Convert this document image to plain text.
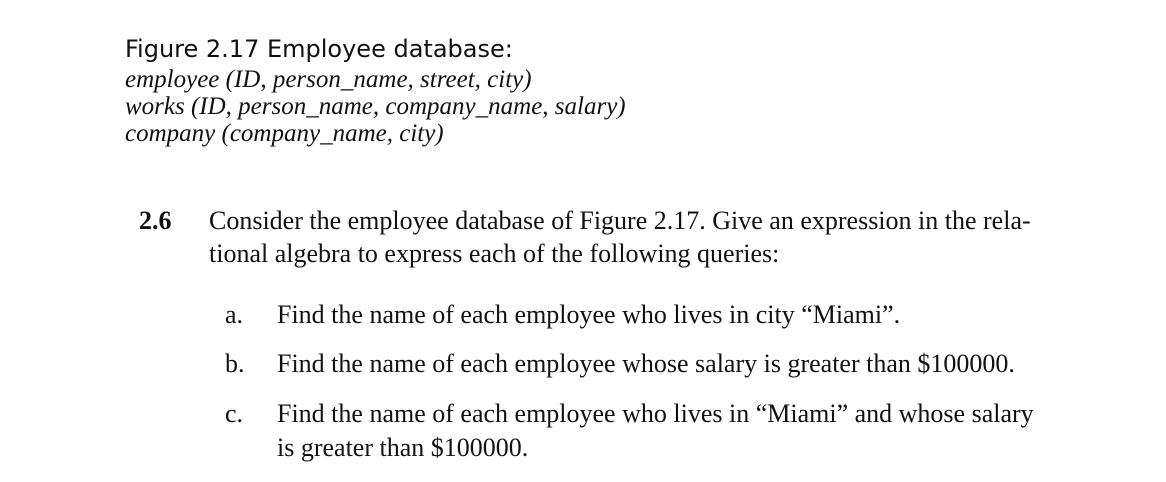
Figure 2.17 Employee database:
employee (ID, person_name, street, city)
works (ID, person_name, company_name, salary)
company (company_name, city)
2.6 Consider the employee database of Figure 2.17. Give an expression in the rela-
tional algebra to express each of the following queries:
a. Find the name of each employee who lives in city “Miami”.
b. Find the name of each employee whose salary is greater than $100000.
c. Find the name of each employee who lives in “Miami” and whose salary
is greater than $100000.
